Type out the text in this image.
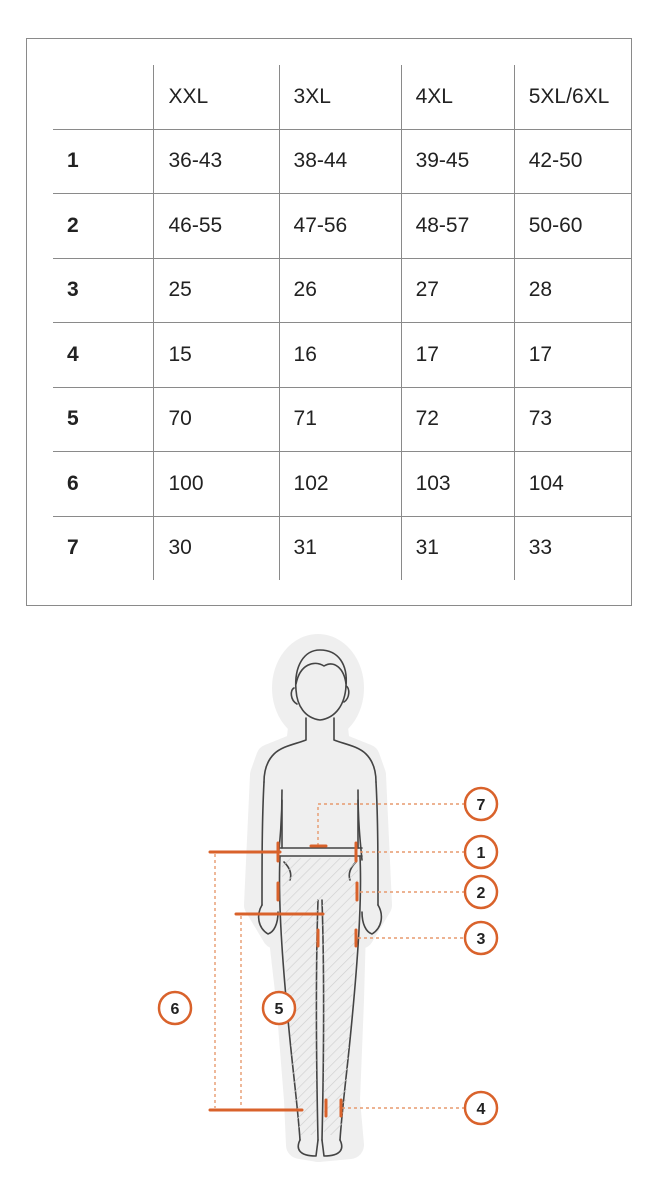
	XXL	3XL	4XL	5XL/6XL
1	36-43	38-44	39-45	42-50
2	46-55	47-56	48-57	50-60
3	25	26	27	28
4	15	16	17	17
5	70	71	72	73
6	100	102	103	104
7	30	31	31	33
7
1
2
3
6	5
4
